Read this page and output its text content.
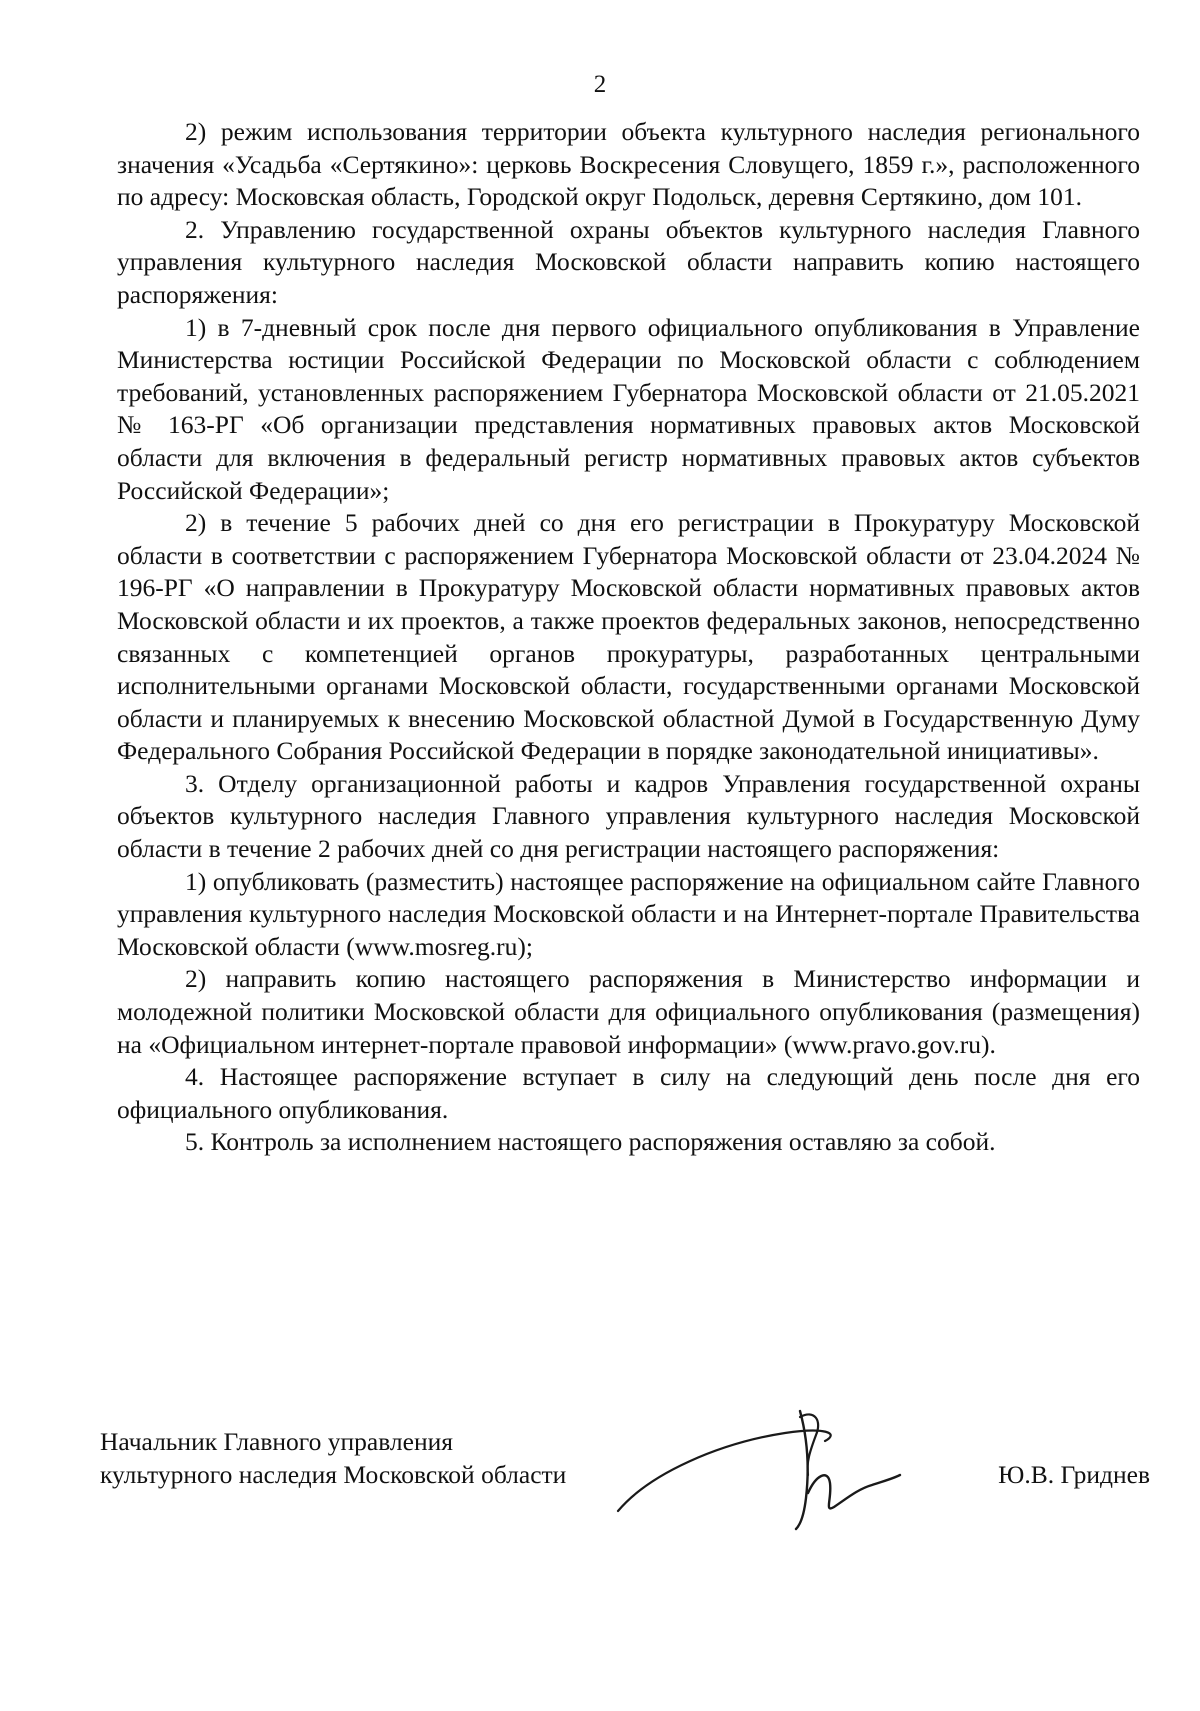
2

2) режим использования территории объекта культурного наследия регионального значения «Усадьба «Сертякино»: церковь Воскресения Словущего, 1859 г.», расположенного по адресу: Московская область, Городской округ Подольск, деревня Сертякино, дом 101.

2. Управлению государственной охраны объектов культурного наследия Главного управления культурного наследия Московской области направить копию настоящего распоряжения:

1) в 7-дневный срок после дня первого официального опубликования в Управление Министерства юстиции Российской Федерации по Московской области с соблюдением требований, установленных распоряжением Губернатора Московской области от 21.05.2021 № 163-РГ «Об организации представления нормативных правовых актов Московской области для включения в федеральный регистр нормативных правовых актов субъектов Российской Федерации»;

2) в течение 5 рабочих дней со дня его регистрации в Прокуратуру Московской области в соответствии с распоряжением Губернатора Московской области от 23.04.2024 № 196-РГ «О направлении в Прокуратуру Московской области нормативных правовых актов Московской области и их проектов, а также проектов федеральных законов, непосредственно связанных с компетенцией органов прокуратуры, разработанных центральными исполнительными органами Московской области, государственными органами Московской области и планируемых к внесению Московской областной Думой в Государственную Думу Федерального Собрания Российской Федерации в порядке законодательной инициативы».

3. Отделу организационной работы и кадров Управления государственной охраны объектов культурного наследия Главного управления культурного наследия Московской области в течение 2 рабочих дней со дня регистрации настоящего распоряжения:

1) опубликовать (разместить) настоящее распоряжение на официальном сайте Главного управления культурного наследия Московской области и на Интернет-портале Правительства Московской области (www.mosreg.ru);

2) направить копию настоящего распоряжения в Министерство информации и молодежной политики Московской области для официального опубликования (размещения) на «Официальном интернет-портале правовой информации» (www.pravo.gov.ru).

4. Настоящее распоряжение вступает в силу на следующий день после дня его официального опубликования.

5. Контроль за исполнением настоящего распоряжения оставляю за собой.

Начальник Главного управления
культурного наследия Московской области	Ю.В. Гриднев
